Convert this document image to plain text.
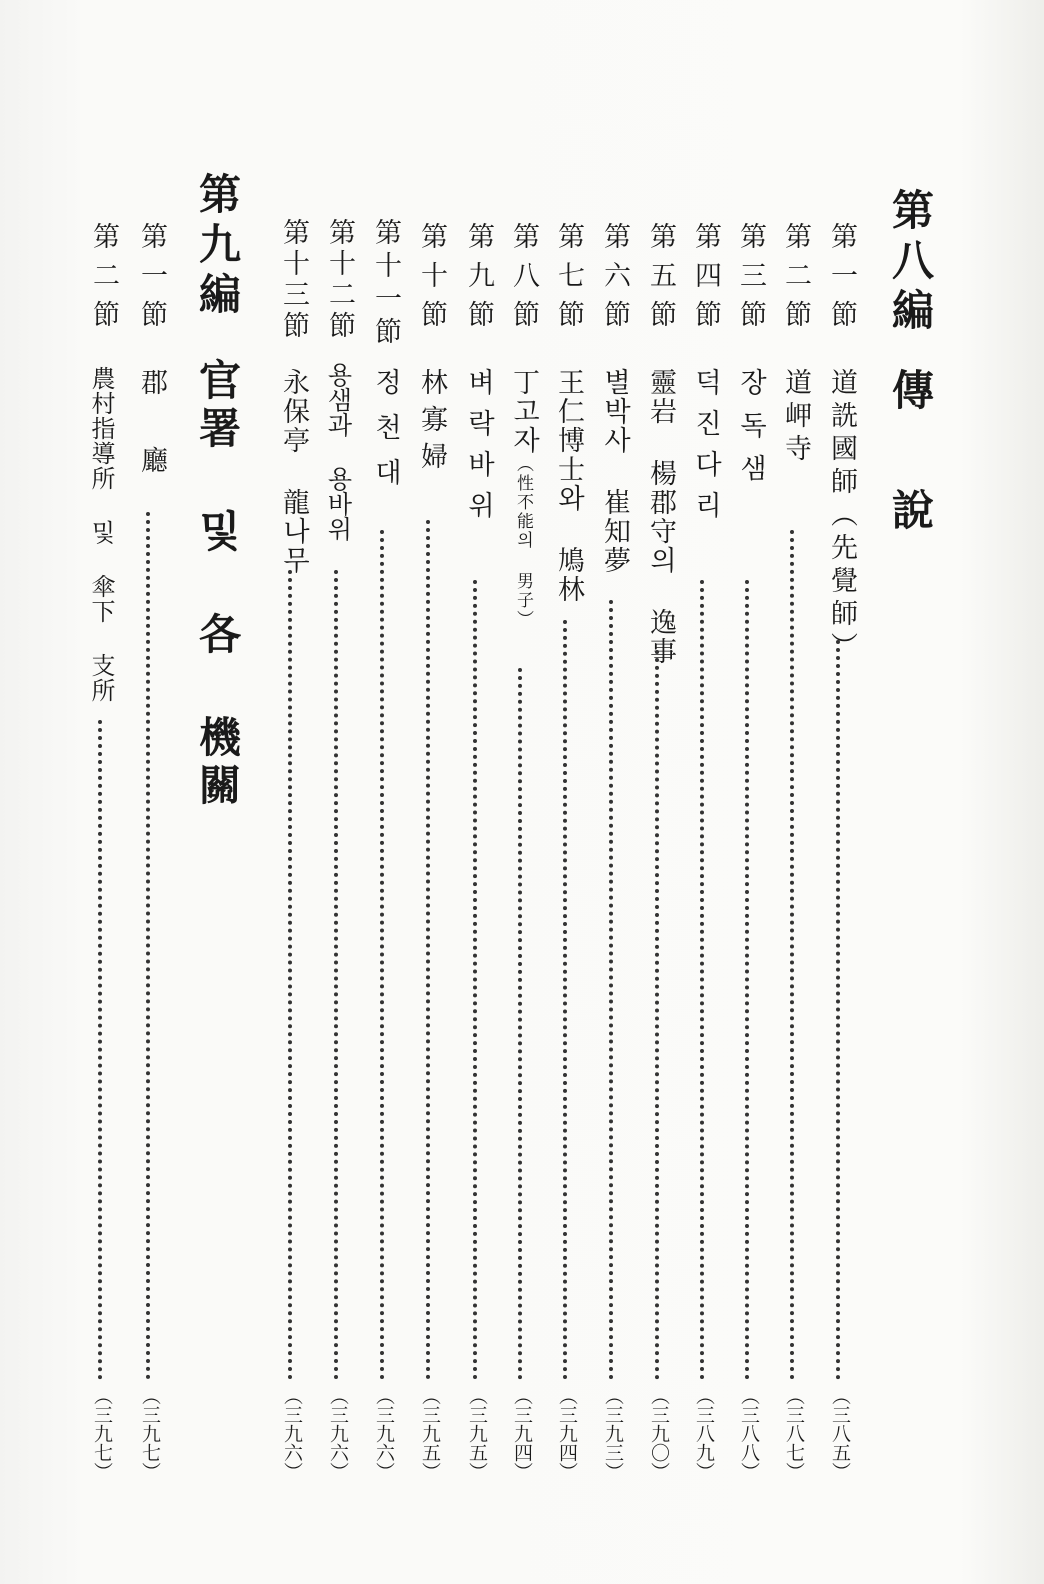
第八編
傳　說
第一節
道詵國師（先覺師）
（三八五）
第二節
道岬寺
（三八七）
第三節
장독샘
（三八八）
第四節
덕진다리
（三八九）
第五節
靈岩 楊郡守의 逸事
（三九〇）
第六節
별박사 崔知夢
（三九三）
第七節
王仁博士와 鳩林
（三九四）
第八節
丁고자（性不能의 男子）
（三九四）
第九節
벼락바위
（三九五）
第十節
林寡婦
（三九五）
第十一節
정천대
（三九六）
第十二節
용샘과 용바위
（三九六）
第十三節
永保亭 龍나무
（三九六）
第九編
官署 및 各 機關
第一節
郡　廳
（三九七）
第二節
農村指導所 및 傘下 支所
（三九七）
